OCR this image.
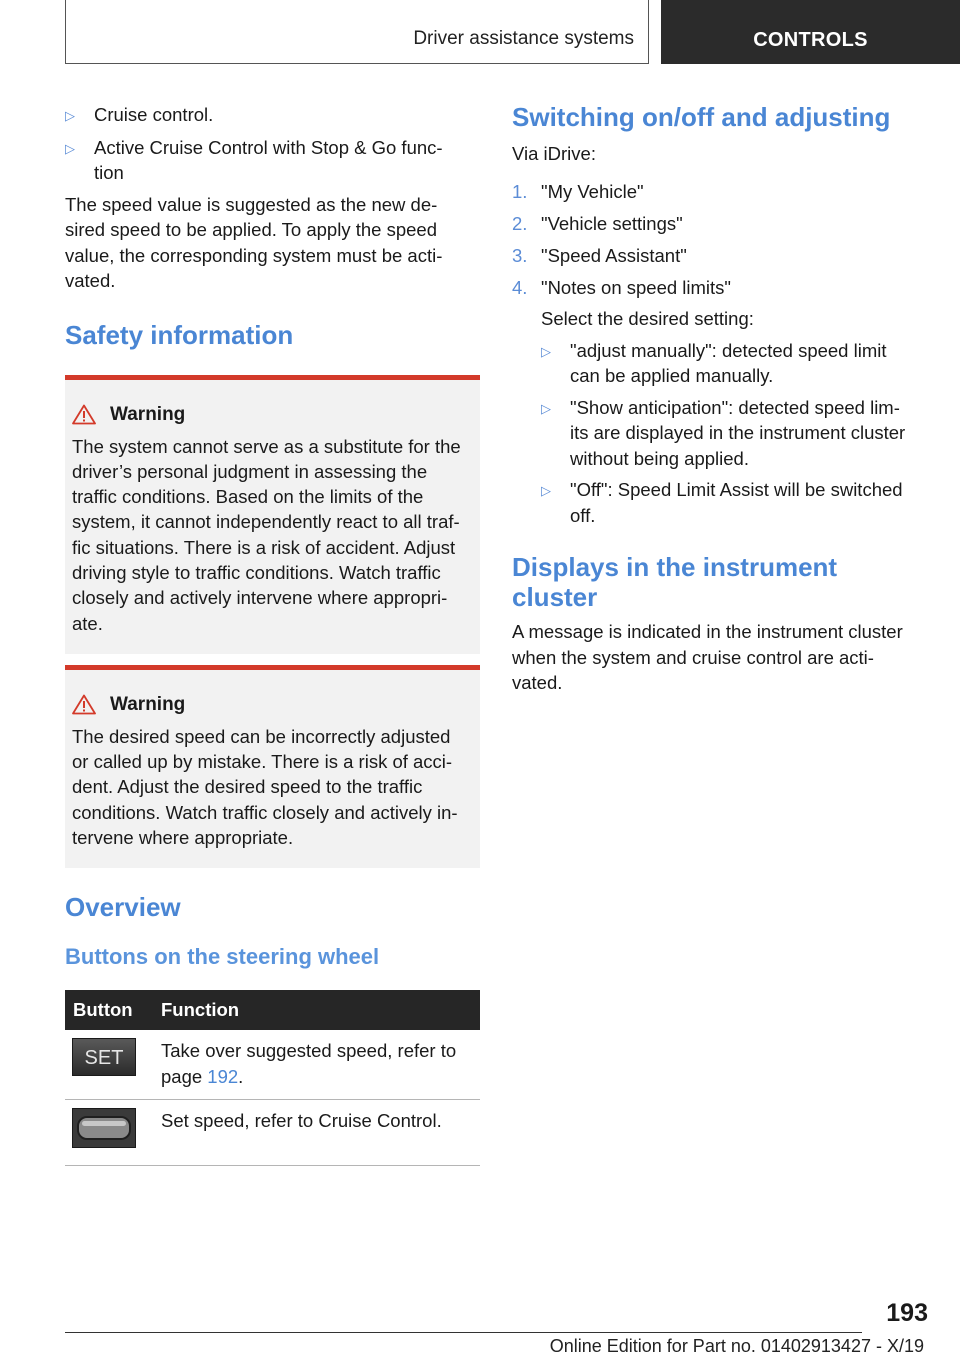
Driver assistance systems	CONTROLS
▷	Cruise control.
▷	Active Cruise Control with Stop & Go func-
tion

The speed value is suggested as the new de-
sired speed to be applied. To apply the speed
value, the corresponding system must be acti-
vated.

Safety information
Warning

The system cannot serve as a substitute for the
driver’s personal judgment in assessing the
traffic conditions. Based on the limits of the
system, it cannot independently react to all traf-
fic situations. There is a risk of accident. Adjust
driving style to traffic conditions. Watch traffic
closely and actively intervene where appropri-
ate.

Warning

The desired speed can be incorrectly adjusted
or called up by mistake. There is a risk of acci-
dent. Adjust the desired speed to the traffic
conditions. Watch traffic closely and actively in-
tervene where appropriate.

Overview
Buttons on the steering wheel
Button	Function

SET	Take over suggested speed, refer to
page 192.
	Set speed, refer to Cruise Control.
Switching on/off and adjusting

Via iDrive:

1. "My Vehicle"
2. "Vehicle settings"
3. "Speed Assistant"
4. "Notes on speed limits"

Select the desired setting:

▷	"adjust manually": detected speed limit
can be applied manually.
▷	"Show anticipation": detected speed lim-
its are displayed in the instrument cluster
without being applied.
▷	"Off": Speed Limit Assist will be switched
off.
Displays in the instrument
cluster

A message is indicated in the instrument cluster
when the system and cruise control are acti-
vated.

193
Online Edition for Part no. 01402913427 - X/19
